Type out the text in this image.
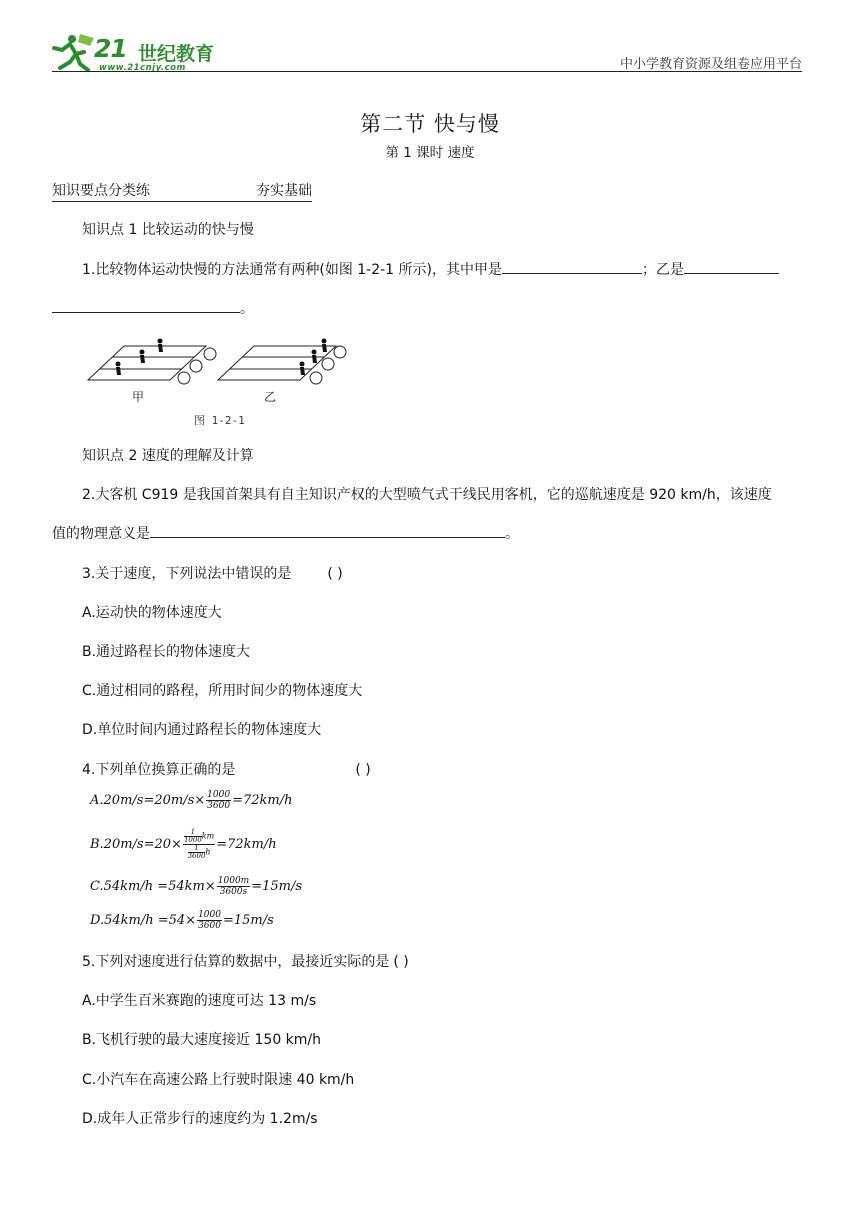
21 世纪教育
www.21cnjy.com	中小学教育资源及组卷应用平台
第二节 快与慢
第 1 课时 速度
知识要点分类练	夯实基础
知识点 1 比较运动的快与慢
1.比较物体运动快慢的方法通常有两种(如图 1-2-1 所示)，其中甲是	；乙是
。
甲	乙
图 1-2-1
知识点 2 速度的理解及计算
2.大客机 C919 是我国首架具有自主知识产权的大型喷气式干线民用客机，它的巡航速度是 920 km/h，该速度
值的物理意义是	。
3.关于速度，下列说法中错误的是	( )
A.运动快的物体速度大
B.通过路程长的物体速度大
C.通过相同的路程，所用时间少的物体速度大
D.单位时间内通过路程长的物体速度大
4.下列单位换算正确的是	( )
$A.20m/s=20m/s\times \frac{1000}{3600} =72km/h$
$B.20m/s=20\times \frac{\frac{1}{1000} km}{\frac{1}{3600} h} =72km/h$
$C.54km/h =54km\times \frac{1000m}{3600s} =15m/s$
$D.54km/h =54\times \frac{1000}{3600} =15m/s$
5.下列对速度进行估算的数据中，最接近实际的是 ( )
A.中学生百米赛跑的速度可达 13 m/s
B.飞机行驶的最大速度接近 150 km/h
C.小汽车在高速公路上行驶时限速 40 km/h
D.成年人正常步行的速度约为 1.2m/s
